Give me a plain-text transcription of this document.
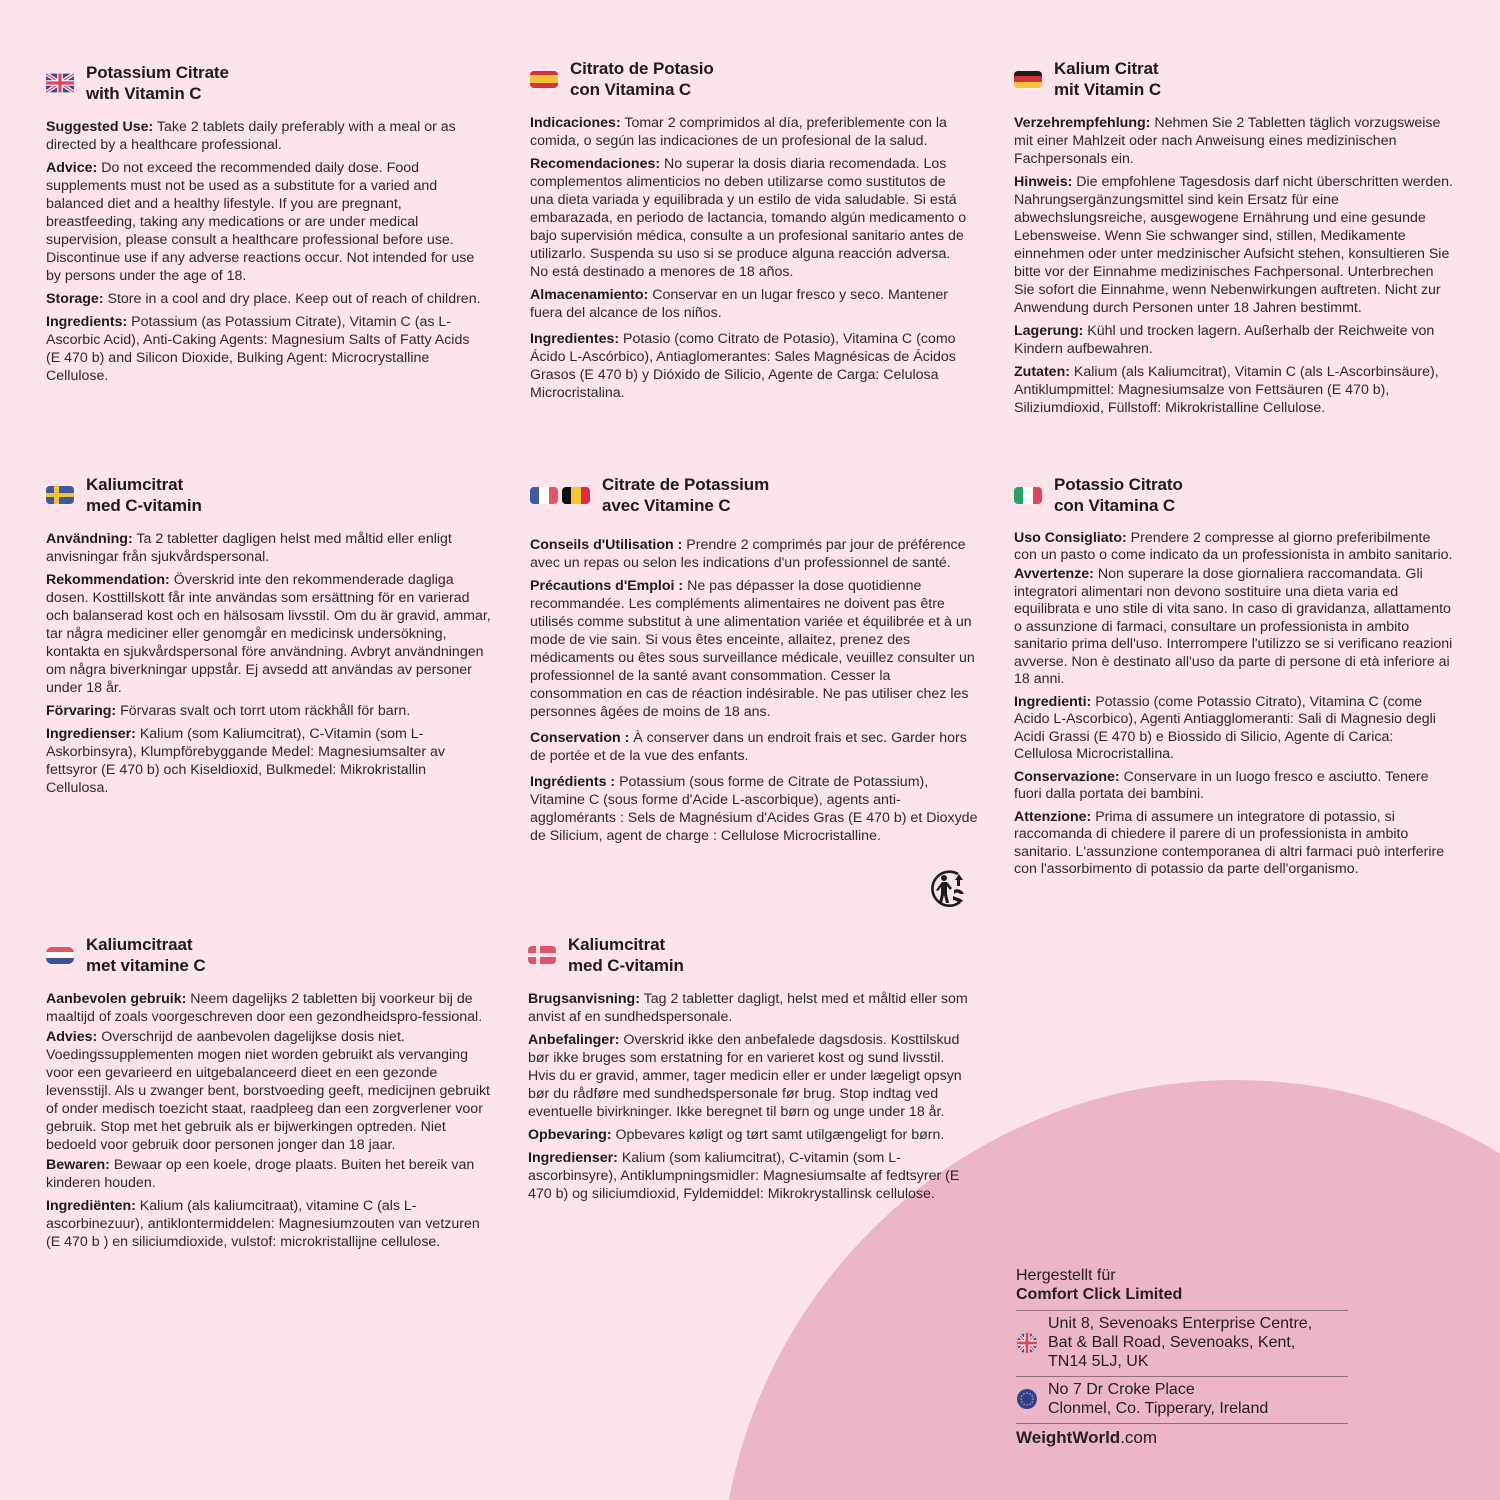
Potassium Citrate
with Vitamin C

Suggested Use: Take 2 tablets daily preferably with a meal or as directed by a healthcare professional.

Advice: Do not exceed the recommended daily dose. Food supplements must not be used as a substitute for a varied and balanced diet and a healthy lifestyle. If you are pregnant, breastfeeding, taking any medications or are under medical supervision, please consult a healthcare professional before use. Discontinue use if any adverse reactions occur. Not intended for use by persons under the age of 18.

Storage: Store in a cool and dry place. Keep out of reach of children.

Ingredients: Potassium (as Potassium Citrate), Vitamin C (as L-Ascorbic Acid), Anti-Caking Agents: Magnesium Salts of Fatty Acids (E 470 b) and Silicon Dioxide, Bulking Agent: Microcrystalline Cellulose.

Citrato de Potasio
con Vitamina C

Indicaciones: Tomar 2 comprimidos al día, preferiblemente con la comida, o según las indicaciones de un profesional de la salud.

Recomendaciones: No superar la dosis diaria recomendada. Los complementos alimenticios no deben utilizarse como sustitutos de una dieta variada y equilibrada y un estilo de vida saludable. Si está embarazada, en periodo de lactancia, tomando algún medicamento o bajo supervisión médica, consulte a un profesional sanitario antes de utilizarlo. Suspenda su uso si se produce alguna reacción adversa. No está destinado a menores de 18 años.

Almacenamiento: Conservar en un lugar fresco y seco. Mantener fuera del alcance de los niños.

Ingredientes: Potasio (como Citrato de Potasio), Vitamina C (como Ácido L-Ascórbico), Antiaglomerantes: Sales Magnésicas de Ácidos Grasos (E 470 b) y Dióxido de Silicio, Agente de Carga: Celulosa Microcristalina.

Kalium Citrat
mit Vitamin C

Verzehrempfehlung: Nehmen Sie 2 Tabletten täglich vorzugsweise mit einer Mahlzeit oder nach Anweisung eines medizinischen Fachpersonals ein.

Hinweis: Die empfohlene Tagesdosis darf nicht überschritten werden. Nahrungsergänzungsmittel sind kein Ersatz für eine abwechslungsreiche, ausgewogene Ernährung und eine gesunde Lebensweise. Wenn Sie schwanger sind, stillen, Medikamente einnehmen oder unter medzinischer Aufsicht stehen, konsultieren Sie bitte vor der Einnahme medizinisches Fachpersonal. Unterbrechen Sie sofort die Einnahme, wenn Nebenwirkungen auftreten. Nicht zur Anwendung durch Personen unter 18 Jahren bestimmt.

Lagerung: Kühl und trocken lagern. Außerhalb der Reichweite von Kindern aufbewahren.

Zutaten: Kalium (als Kaliumcitrat), Vitamin C (als L-Ascorbinsäure), Antiklumpmittel: Magnesiumsalze von Fettsäuren (E 470 b), Siliziumdioxid, Füllstoff: Mikrokristalline Cellulose.

Kaliumcitrat
med C-vitamin

Användning: Ta 2 tabletter dagligen helst med måltid eller enligt anvisningar från sjukvårdspersonal.

Rekommendation: Överskrid inte den rekommenderade dagliga dosen. Kosttillskott får inte användas som ersättning för en varierad och balanserad kost och en hälsosam livsstil. Om du är gravid, ammar, tar några mediciner eller genomgår en medicinsk undersökning, kontakta en sjukvårdspersonal före användning. Avbryt användningen om några biverkningar uppstår. Ej avsedd att användas av personer under 18 år.

Förvaring: Förvaras svalt och torrt utom räckhåll för barn.

Ingredienser: Kalium (som Kaliumcitrat), C-Vitamin (som L-Askorbinsyra), Klumpförebyggande Medel: Magnesiumsalter av fettsyror (E 470 b) och Kiseldioxid, Bulkmedel: Mikrokristallin Cellulosa.

Citrate de Potassium
avec Vitamine C

Conseils d'Utilisation : Prendre 2 comprimés par jour de préférence avec un repas ou selon les indications d'un professionnel de santé.

Précautions d'Emploi : Ne pas dépasser la dose quotidienne recommandée. Les compléments alimentaires ne doivent pas être utilisés comme substitut à une alimentation variée et équilibrée et à un mode de vie sain. Si vous êtes enceinte, allaitez, prenez des médicaments ou êtes sous surveillance médicale, veuillez consulter un professionnel de la santé avant consommation. Cesser la consommation en cas de réaction indésirable. Ne pas utiliser chez les personnes âgées de moins de 18 ans.

Conservation : À conserver dans un endroit frais et sec. Garder hors de portée et de la vue des enfants.

Ingrédients : Potassium (sous forme de Citrate de Potassium), Vitamine C (sous forme d'Acide L-ascorbique), agents anti-agglomérants : Sels de Magnésium d'Acides Gras (E 470 b) et Dioxyde de Silicium, agent de charge : Cellulose Microcristalline.

Potassio Citrato
con Vitamina C

Uso Consigliato: Prendere 2 compresse al giorno preferibilmente con un pasto o come indicato da un professionista in ambito sanitario.

Avvertenze: Non superare la dose giornaliera raccomandata. Gli integratori alimentari non devono sostituire una dieta varia ed equilibrata e uno stile di vita sano. In caso di gravidanza, allattamento o assunzione di farmaci, consultare un professionista in ambito sanitario prima dell'uso. Interrompere l'utilizzo se si verificano reazioni avverse. Non è destinato all'uso da parte di persone di età inferiore ai 18 anni.

Ingredienti: Potassio (come Potassio Citrato), Vitamina C (come Acido L-Ascorbico), Agenti Antiagglomeranti: Sali di Magnesio degli Acidi Grassi (E 470 b) e Biossido di Silicio, Agente di Carica: Cellulosa Microcristallina.

Conservazione: Conservare in un luogo fresco e asciutto. Tenere fuori dalla portata dei bambini.

Attenzione: Prima di assumere un integratore di potassio, si raccomanda di chiedere il parere di un professionista in ambito sanitario. L'assunzione contemporanea di altri farmaci può interferire con l'assorbimento di potassio da parte dell'organismo.

Kaliumcitraat
met vitamine C

Aanbevolen gebruik: Neem dagelijks 2 tabletten bij voorkeur bij de maaltijd of zoals voorgeschreven door een gezondheidspro-fessional.

Advies: Overschrijd de aanbevolen dagelijkse dosis niet. Voedingssupplementen mogen niet worden gebruikt als vervanging voor een gevarieerd en uitgebalanceerd dieet en een gezonde levensstijl. Als u zwanger bent, borstvoeding geeft, medicijnen gebruikt of onder medisch toezicht staat, raadpleeg dan een zorgverlener voor gebruik. Stop met het gebruik als er bijwerkingen optreden. Niet bedoeld voor gebruik door personen jonger dan 18 jaar.

Bewaren: Bewaar op een koele, droge plaats. Buiten het bereik van kinderen houden.

Ingrediënten: Kalium (als kaliumcitraat), vitamine C (als L-ascorbinezuur), antiklontermiddelen: Magnesiumzouten van vetzuren (E 470 b ) en siliciumdioxide, vulstof: microkristallijne cellulose.

Kaliumcitrat
med C-vitamin

Brugsanvisning: Tag 2 tabletter dagligt, helst med et måltid eller som anvist af en sundhedspersonale.

Anbefalinger: Overskrid ikke den anbefalede dagsdosis. Kosttilskud bør ikke bruges som erstatning for en varieret kost og sund livsstil. Hvis du er gravid, ammer, tager medicin eller er under lægeligt opsyn bør du rådføre med sundhedspersonale før brug. Stop indtag ved eventuelle bivirkninger. Ikke beregnet til børn og unge under 18 år.

Opbevaring: Opbevares køligt og tørt samt utilgængeligt for børn.

Ingredienser: Kalium (som kaliumcitrat), C-vitamin (som L-ascorbinsyre), Antiklumpningsmidler: Magnesiumsalte af fedtsyrer (E 470 b) og siliciumdioxid, Fyldemiddel: Mikrokrystallinsk cellulose.

Hergestellt für
Comfort Click Limited
Unit 8, Sevenoaks Enterprise Centre,
Bat & Ball Road, Sevenoaks, Kent,
TN14 5LJ, UK
No 7 Dr Croke Place
Clonmel, Co. Tipperary, Ireland
WeightWorld.com
